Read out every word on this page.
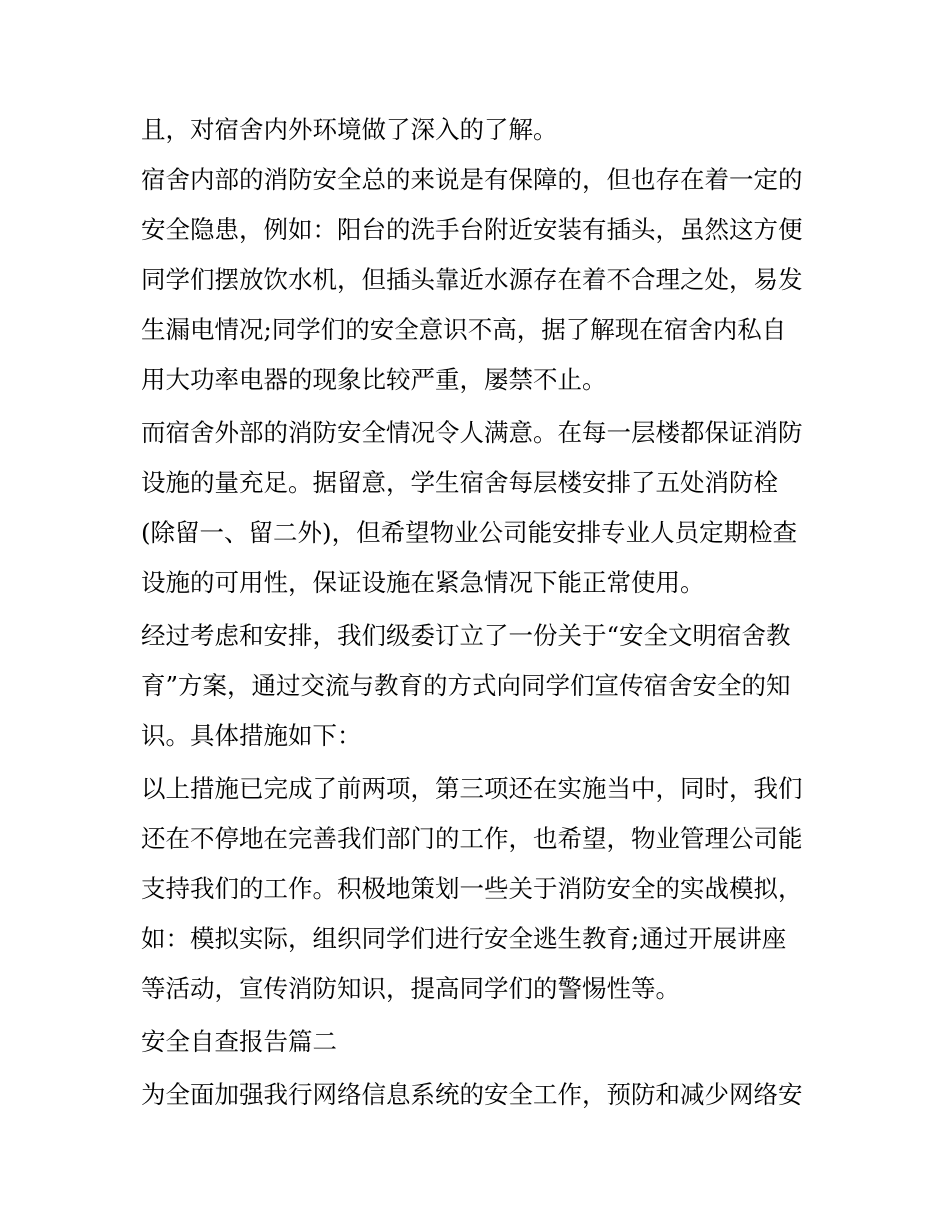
且，对宿舍内外环境做了深入的了解。
宿舍内部的消防安全总的来说是有保障的，但也存在着一定的
安全隐患，例如：阳台的洗手台附近安装有插头，虽然这方便
同学们摆放饮水机，但插头靠近水源存在着不合理之处，易发
生漏电情况;同学们的安全意识不高，据了解现在宿舍内私自
用大功率电器的现象比较严重，屡禁不止。
而宿舍外部的消防安全情况令人满意。在每一层楼都保证消防
设施的量充足。据留意，学生宿舍每层楼安排了五处消防栓
(除留一、留二外)，但希望物业公司能安排专业人员定期检查
设施的可用性，保证设施在紧急情况下能正常使用。
经过考虑和安排，我们级委订立了一份关于“安全文明宿舍教
育”方案，通过交流与教育的方式向同学们宣传宿舍安全的知
识。具体措施如下：
以上措施已完成了前两项，第三项还在实施当中，同时，我们
还在不停地在完善我们部门的工作，也希望，物业管理公司能
支持我们的工作。积极地策划一些关于消防安全的实战模拟，
如：模拟实际，组织同学们进行安全逃生教育;通过开展讲座
等活动，宣传消防知识，提高同学们的警惕性等。
安全自查报告篇二
为全面加强我行网络信息系统的安全工作，预防和减少网络安
